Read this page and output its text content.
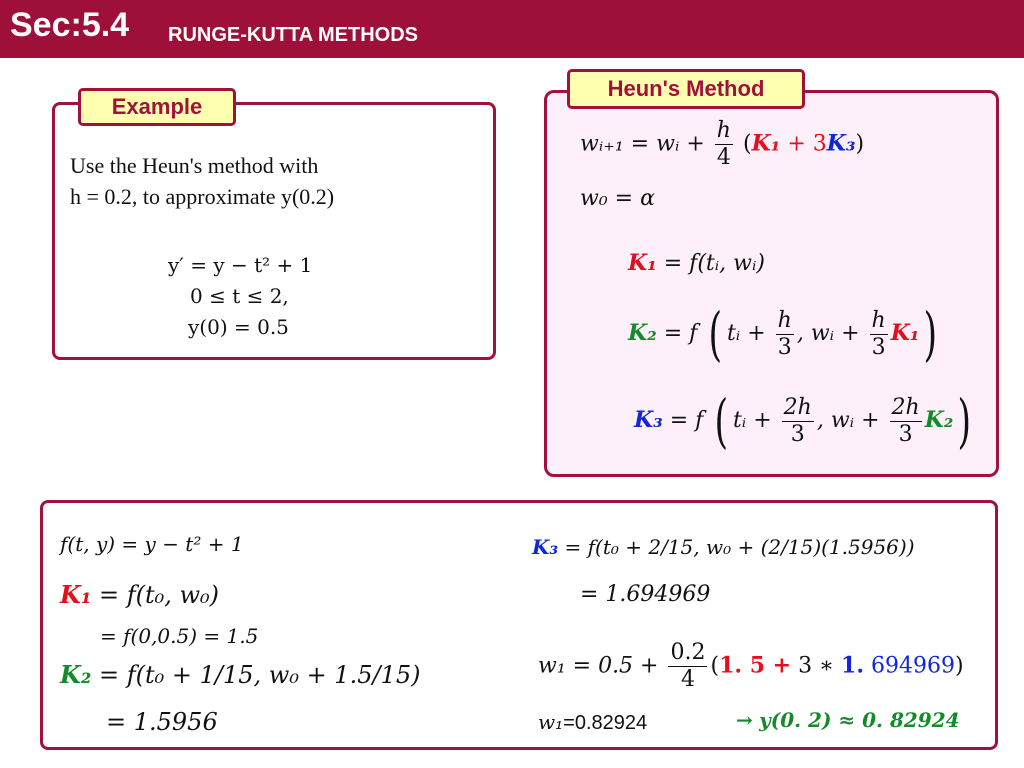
Sec:5.4 RUNGE-KUTTA METHODS
Example
Use the Heun's method with
h = 0.2, to approximate y(0.2)
y′ = y − t² + 1
0 ≤ t ≤ 2,
y(0) = 0.5
Heun's Method
wᵢ₊₁ = wᵢ + $\frac{h}{4} (K_1 + 3K_3)$
w₀ = α
K₁ = f(tᵢ, wᵢ)
K₂ = f ( tᵢ + $\frac{h}{3}$ , wᵢ + $\frac{h}{3} K_1$)
K₃ = f ( tᵢ + $\frac{2h}{3}$ , wᵢ + $\frac{2h}{3} K_2$)
f(t, y) = y − t² + 1
K₁ = f(t₀, w₀)
= f(0,0.5) = 1.5
K₂ = f(t₀ + 1/15, w₀ + 1.5/15)
= 1.5956
K₃ = f(t₀ + 2/15, w₀ + (2/15)(1.5956))
= 1.694969
$w_1 = 0.5 + \frac{0.2}{4} (1$. 5 + 3 ∗ 1. 694969)
w₁=0.82924	→ y(0. 2) ≈ 0. 82924
